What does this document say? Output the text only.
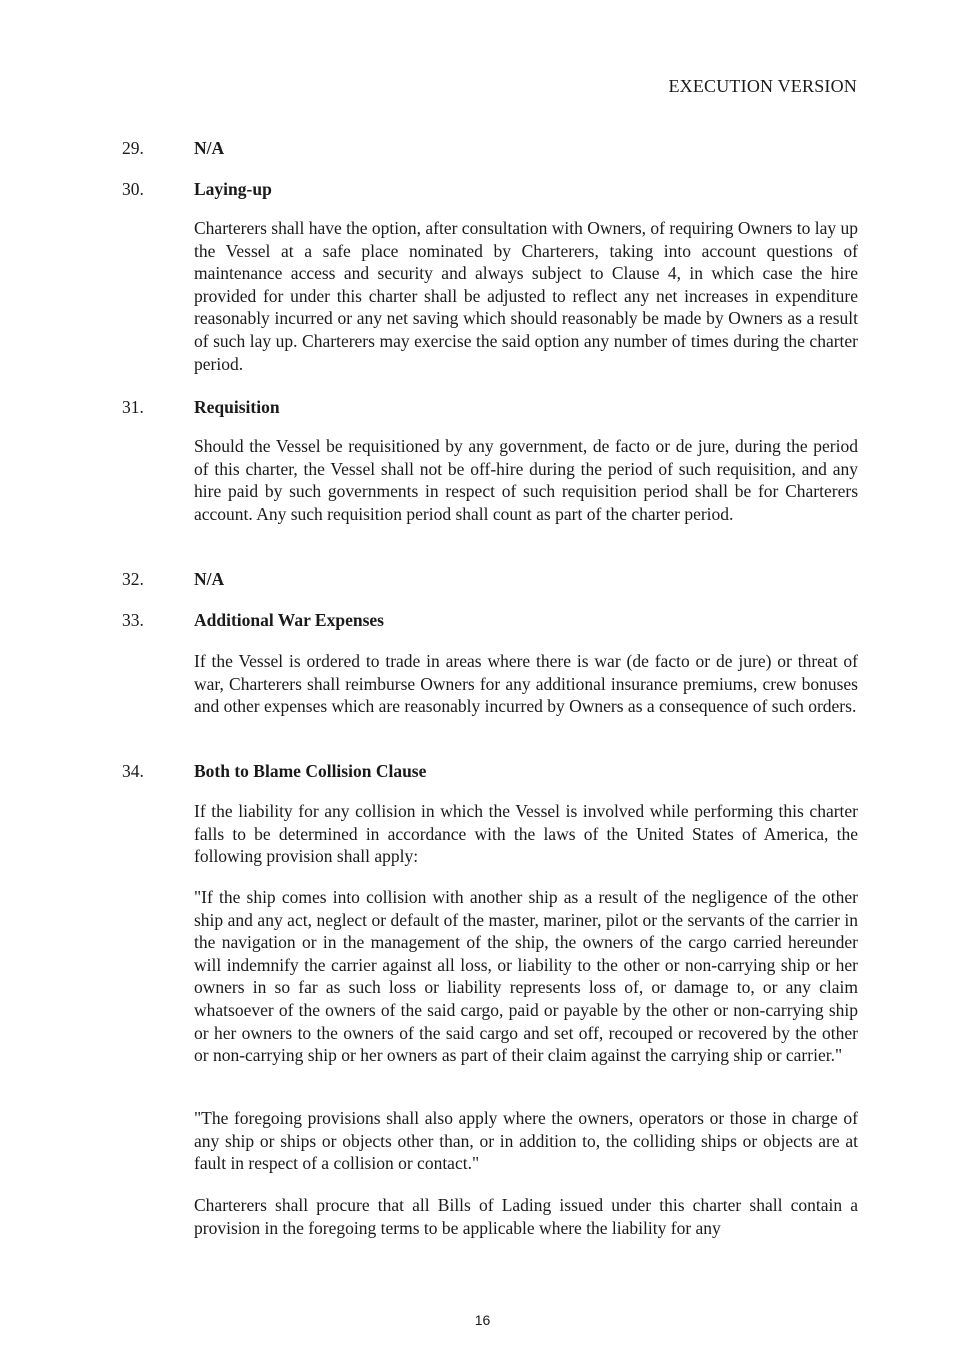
EXECUTION VERSION
29.	N/A
30.	Laying-up

Charterers shall have the option, after consultation with Owners, of requiring Owners to lay up the Vessel at a safe place nominated by Charterers, taking into account questions of maintenance access and security and always subject to Clause 4, in which case the hire provided for under this charter shall be adjusted to reflect any net increases in expenditure reasonably incurred or any net saving which should reasonably be made by Owners as a result of such lay up. Charterers may exercise the said option any number of times during the charter period.

31.	Requisition

Should the Vessel be requisitioned by any government, de facto or de jure, during the period of this charter, the Vessel shall not be off-hire during the period of such requisition, and any hire paid by such governments in respect of such requisition period shall be for Charterers account. Any such requisition period shall count as part of the charter period.

32.	N/A
33.	Additional War Expenses

If the Vessel is ordered to trade in areas where there is war (de facto or de jure) or threat of war, Charterers shall reimburse Owners for any additional insurance premiums, crew bonuses and other expenses which are reasonably incurred by Owners as a consequence of such orders.

34.	Both to Blame Collision Clause

If the liability for any collision in which the Vessel is involved while performing this charter falls to be determined in accordance with the laws of the United States of America, the following provision shall apply:

"If the ship comes into collision with another ship as a result of the negligence of the other ship and any act, neglect or default of the master, mariner, pilot or the servants of the carrier in the navigation or in the management of the ship, the owners of the cargo carried hereunder will indemnify the carrier against all loss, or liability to the other or non-carrying ship or her owners in so far as such loss or liability represents loss of, or damage to, or any claim whatsoever of the owners of the said cargo, paid or payable by the other or non-carrying ship or her owners to the owners of the said cargo and set off, recouped or recovered by the other or non-carrying ship or her owners as part of their claim against the carrying ship or carrier."

"The foregoing provisions shall also apply where the owners, operators or those in charge of any ship or ships or objects other than, or in addition to, the colliding ships or objects are at fault in respect of a collision or contact."

Charterers shall procure that all Bills of Lading issued under this charter shall contain a provision in the foregoing terms to be applicable where the liability for any

16
